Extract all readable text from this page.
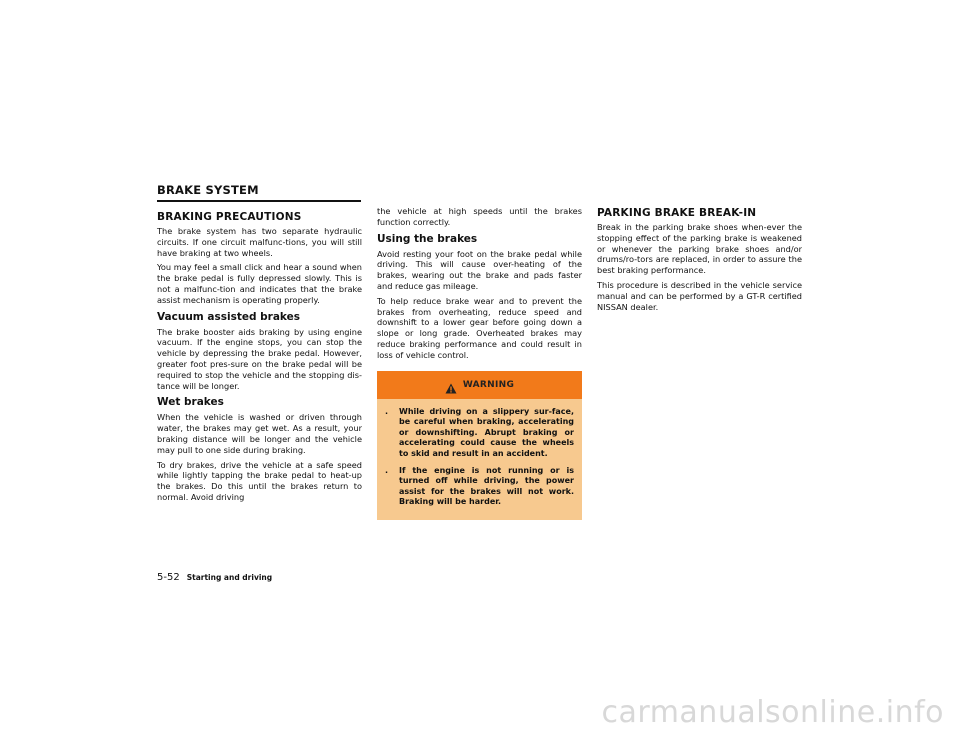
BRAKE SYSTEM
BRAKING PRECAUTIONS

The brake system has two separate hydraulic circuits. If one circuit malfunc-tions, you will still have braking at two wheels.

You may feel a small click and hear a sound when the brake pedal is fully depressed slowly. This is not a malfunc-tion and indicates that the brake assist mechanism is operating properly.

Vacuum assisted brakes

The brake booster aids braking by using engine vacuum. If the engine stops, you can stop the vehicle by depressing the brake pedal. However, greater foot pres-sure on the brake pedal will be required to stop the vehicle and the stopping dis-tance will be longer.

Wet brakes

When the vehicle is washed or driven through water, the brakes may get wet. As a result, your braking distance will be longer and the vehicle may pull to one side during braking.

To dry brakes, drive the vehicle at a safe speed while lightly tapping the brake pedal to heat-up the brakes. Do this until the brakes return to normal. Avoid driving

the vehicle at high speeds until the brakes function correctly.

Using the brakes

Avoid resting your foot on the brake pedal while driving. This will cause over-heating of the brakes, wearing out the brake and pads faster and reduce gas mileage.

To help reduce brake wear and to prevent the brakes from overheating, reduce speed and downshift to a lower gear before going down a slope or long grade. Overheated brakes may reduce braking performance and could result in loss of vehicle control.

WARNING
.	While driving on a slippery sur-face, be careful when braking, accelerating or downshifting. Abrupt braking or accelerating could cause the wheels to skid and result in an accident.
.	If the engine is not running or is turned off while driving, the power assist for the brakes will not work. Braking will be harder.
PARKING BRAKE BREAK-IN

Break in the parking brake shoes when-ever the stopping effect of the parking brake is weakened or whenever the parking brake shoes and/or drums/ro-tors are replaced, in order to assure the best braking performance.

This procedure is described in the vehicle service manual and can be performed by a GT-R certified NISSAN dealer.

5-52 Starting and driving
carmanualsonline.info
